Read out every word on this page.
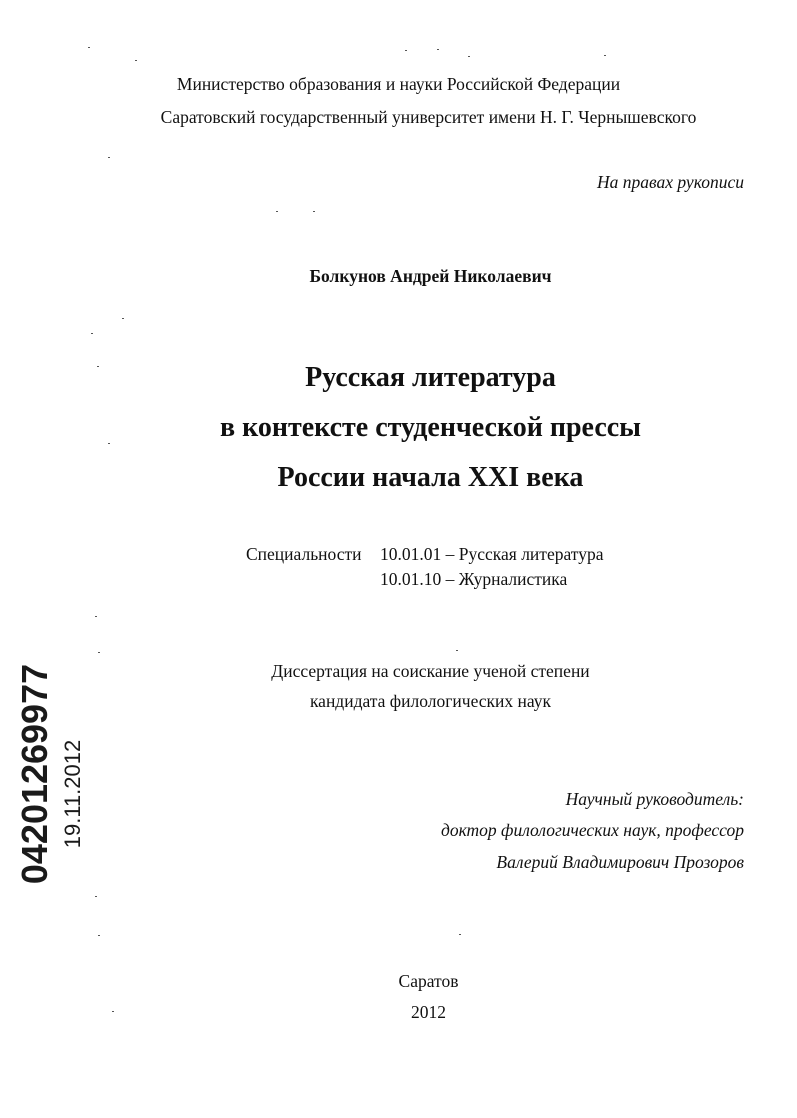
Министерство образования и науки Российской Федерации
Саратовский государственный университет имени Н. Г. Чернышевского
На правах рукописи
Болкунов Андрей Николаевич
Русская литература
в контексте студенческой прессы
России начала XXI века
Специальности 10.01.01 – Русская литература
10.01.10 – Журналистика
Диссертация на соискание ученой степени
кандидата филологических наук
Научный руководитель:
доктор филологических наук, профессор
Валерий Владимирович Прозоров
Саратов
2012
04201269977 19.11.2012
